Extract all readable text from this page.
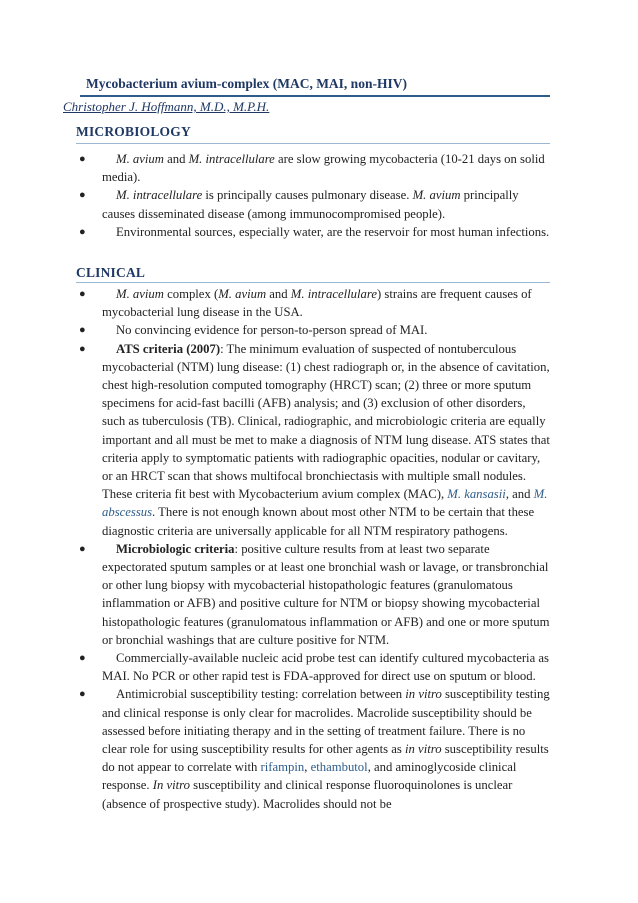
Mycobacterium avium-complex (MAC, MAI, non-HIV)
Christopher J. Hoffmann, M.D., M.P.H.
MICROBIOLOGY
● M. avium and M. intracellulare are slow growing mycobacteria (10-21 days on solid media).
● M. intracellulare is principally causes pulmonary disease. M. avium principally causes disseminated disease (among immunocompromised people).
● Environmental sources, especially water, are the reservoir for most human infections.
CLINICAL
● M. avium complex (M. avium and M. intracellulare) strains are frequent causes of mycobacterial lung disease in the USA.
● No convincing evidence for person-to-person spread of MAI.
● ATS criteria (2007): The minimum evaluation of suspected of nontuberculous mycobacterial (NTM) lung disease: (1) chest radiograph or, in the absence of cavitation, chest high-resolution computed tomography (HRCT) scan; (2) three or more sputum specimens for acid-fast bacilli (AFB) analysis; and (3) exclusion of other disorders, such as tuberculosis (TB). Clinical, radiographic, and microbiologic criteria are equally important and all must be met to make a diagnosis of NTM lung disease. ATS states that criteria apply to symptomatic patients with radiographic opacities, nodular or cavitary, or an HRCT scan that shows multifocal bronchiectasis with multiple small nodules. These criteria fit best with Mycobacterium avium complex (MAC), M. kansasii, and M. abscessus. There is not enough known about most other NTM to be certain that these diagnostic criteria are universally applicable for all NTM respiratory pathogens.
● Microbiologic criteria: positive culture results from at least two separate expectorated sputum samples or at least one bronchial wash or lavage, or transbronchial or other lung biopsy with mycobacterial histopathologic features (granulomatous inflammation or AFB) and positive culture for NTM or biopsy showing mycobacterial histopathologic features (granulomatous inflammation or AFB) and one or more sputum or bronchial washings that are culture positive for NTM.
● Commercially-available nucleic acid probe test can identify cultured mycobacteria as MAI. No PCR or other rapid test is FDA-approved for direct use on sputum or blood.
● Antimicrobial susceptibility testing: correlation between in vitro susceptibility testing and clinical response is only clear for macrolides. Macrolide susceptibility should be assessed before initiating therapy and in the setting of treatment failure. There is no clear role for using susceptibility results for other agents as in vitro susceptibility results do not appear to correlate with rifampin, ethambutol, and aminoglycoside clinical response. In vitro susceptibility and clinical response fluoroquinolones is unclear (absence of prospective study). Macrolides should not be
